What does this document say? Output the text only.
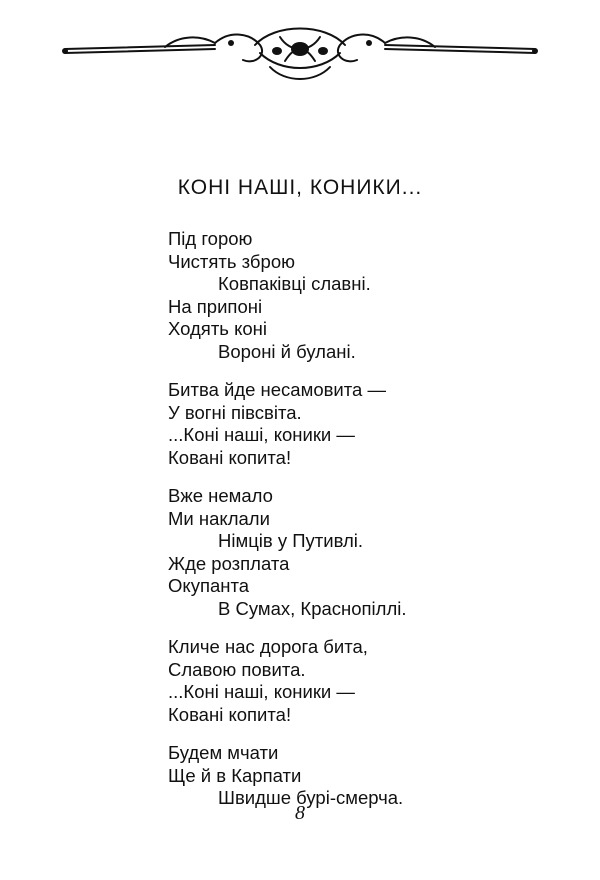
КОНІ НАШІ, КОНИКИ...
Під горою
Чистять зброю
Ковпаківці славні.
На припоні
Ходять коні
Вороні й булані.
Битва йде несамовита —
У вогні півсвіта.
...Коні наші, коники —
Ковані копита!
Вже немало
Ми наклали
Німців у Путивлі.
Жде розплата
Окупанта
В Сумах, Краснопіллі.
Кличе нас дорога бита,
Славою повита.
...Коні наші, коники —
Ковані копита!
Будем мчати
Ще й в Карпати
Швидше бурі-смерча.
8
